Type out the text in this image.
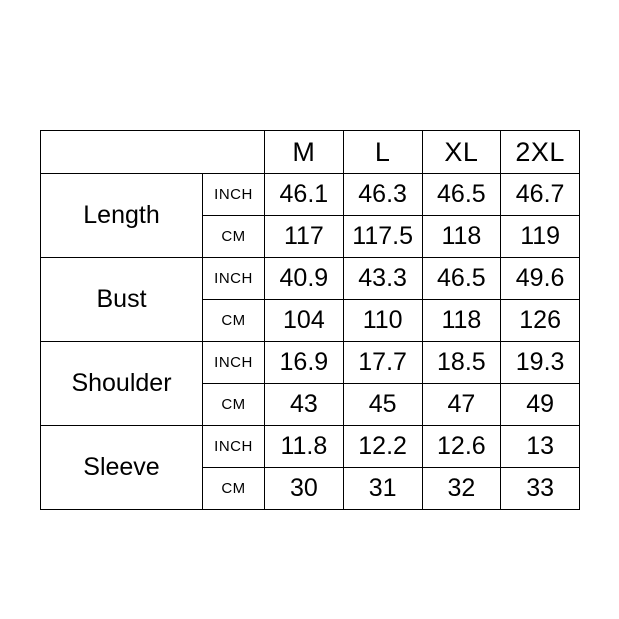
		M	L	XL	2XL
Length	INCH	46.1	46.3	46.5	46.7
	CM	117	117.5	118	119
Bust	INCH	40.9	43.3	46.5	49.6
	CM	104	110	118	126
Shoulder	INCH	16.9	17.7	18.5	19.3
	CM	43	45	47	49
Sleeve	INCH	11.8	12.2	12.6	13
	CM	30	31	32	33
